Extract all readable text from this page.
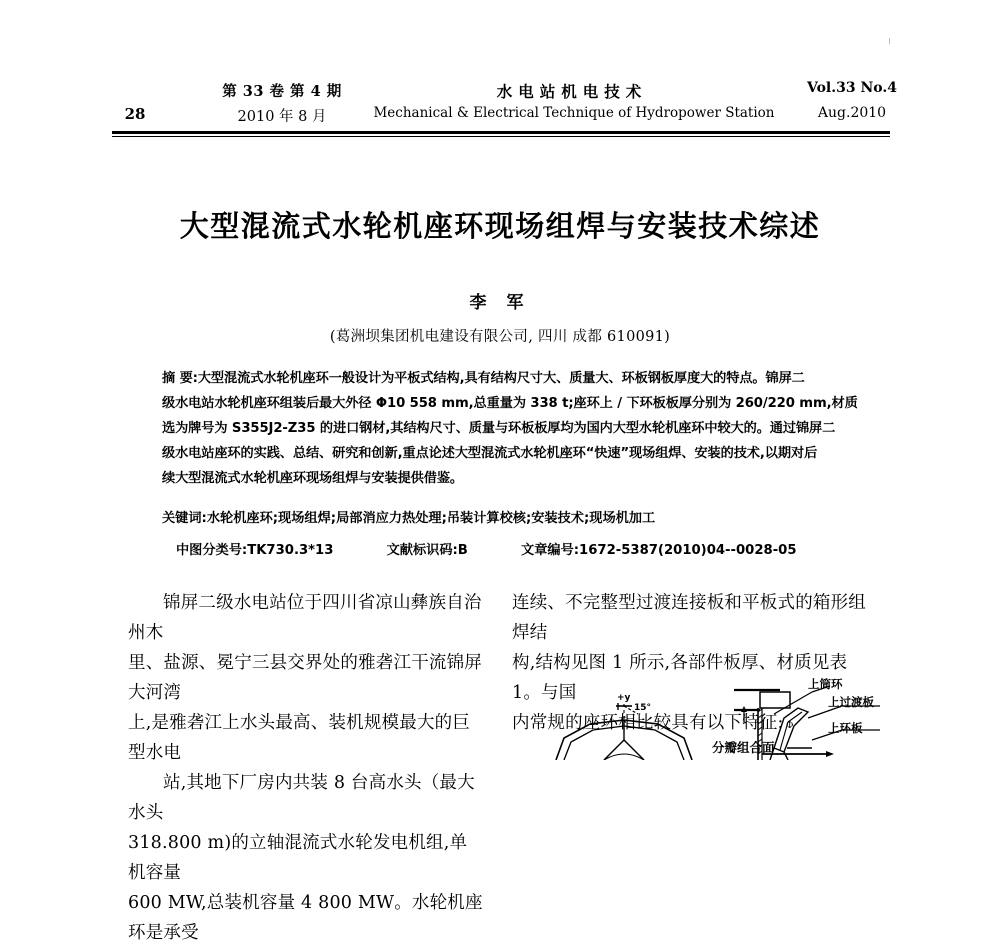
第 33 卷 第 4 期	水电站机电技术	Vol.33 No.4
28	2010 年 8 月	Mechanical & Electrical Technique of Hydropower Station	Aug.2010
大型混流式水轮机座环现场组焊与安装技术综述
李 军
(葛洲坝集团机电建设有限公司, 四川 成都 610091)
摘 要:大型混流式水轮机座环一般设计为平板式结构,具有结构尺寸大、质量大、环板钢板厚度大的特点。锦屏二
级水电站水轮机座环组装后最大外径 Φ10 558 mm,总重量为 338 t;座环上 / 下环板板厚分别为 260/220 mm,材质
选为牌号为 S355J2-Z35 的进口钢材,其结构尺寸、质量与环板板厚均为国内大型水轮机座环中较大的。通过锦屏二
级水电站座环的实践、总结、研究和创新,重点论述大型混流式水轮机座环“快速”现场组焊、安装的技术,以期对后
续大型混流式水轮机座环现场组焊与安装提供借鉴。
关键词:水轮机座环;现场组焊;局部消应力热处理;吊装计算校核;安装技术;现场机加工
中图分类号:TK730.3*13	文献标识码:B	文章编号:1672-5387(2010)04--0028-05

锦屏二级水电站位于四川省凉山彝族自治州木

里、盐源、冕宁三县交界处的雅砻江干流锦屏大河湾

上,是雅砻江上水头最高、装机规模最大的巨型水电

站,其地下厂房内共装 8 台高水头（最大水头

318.800 m)的立轴混流式水轮发电机组,单机容量

600 MW,总装机容量 4 800 MW。水轮机座环是承受

连续、不完整型过渡连接板和平板式的箱形组焊结

构,结构见图 1 所示,各部件板厚、材质见表 1。与国

内常规的座环相比较具有以下特征:

+y
15°
分瓣组合面
上筒环
上过渡板
上环板
Φ
